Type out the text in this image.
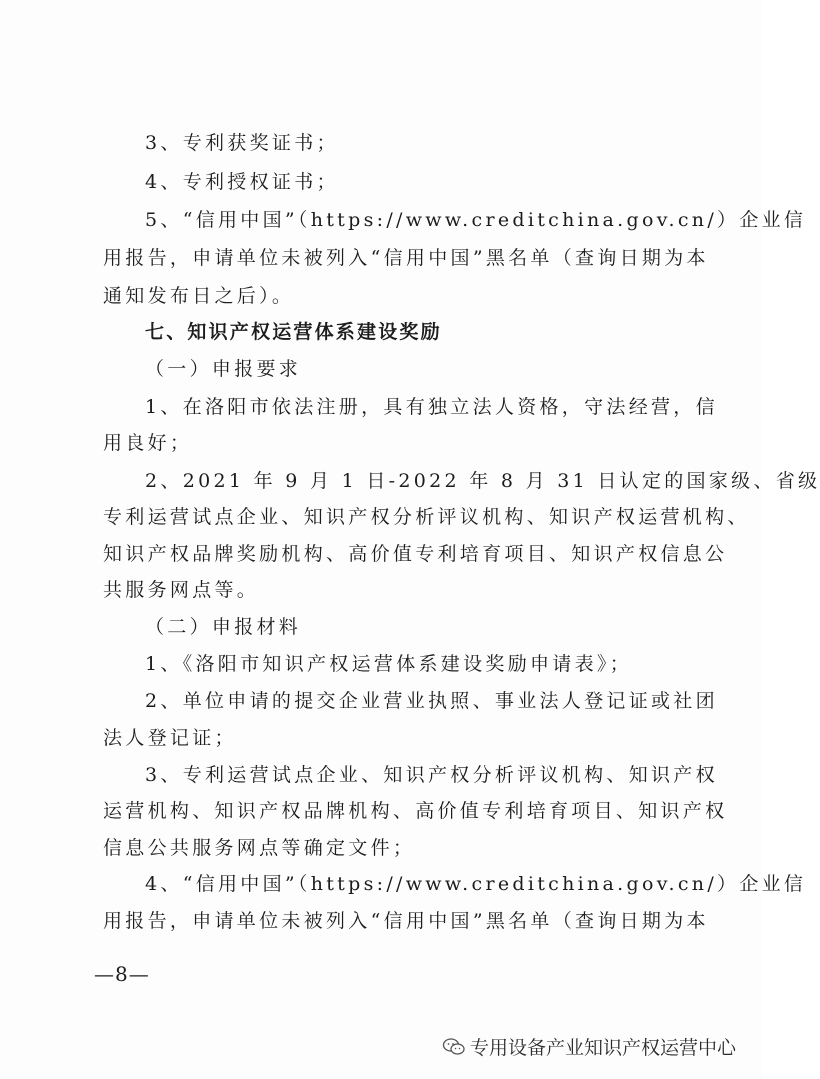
3、专利获奖证书；
4、专利授权证书；
5、“信用中国”（https://www.creditchina.gov.cn/）企业信
用报告，申请单位未被列入“信用中国”黑名单（查询日期为本
通知发布日之后）。
七、知识产权运营体系建设奖励
（一）申报要求
1、在洛阳市依法注册，具有独立法人资格，守法经营，信
用良好；
2、2021 年 9 月 1 日-2022 年 8 月 31 日认定的国家级、省级
专利运营试点企业、知识产权分析评议机构、知识产权运营机构、
知识产权品牌奖励机构、高价值专利培育项目、知识产权信息公
共服务网点等。
（二）申报材料
1、《洛阳市知识产权运营体系建设奖励申请表》；
2、单位申请的提交企业营业执照、事业法人登记证或社团
法人登记证；
3、专利运营试点企业、知识产权分析评议机构、知识产权
运营机构、知识产权品牌机构、高价值专利培育项目、知识产权
信息公共服务网点等确定文件；
4、“信用中国”（https://www.creditchina.gov.cn/）企业信
用报告，申请单位未被列入“信用中国”黑名单（查询日期为本
—8—
专用设备产业知识产权运营中心
